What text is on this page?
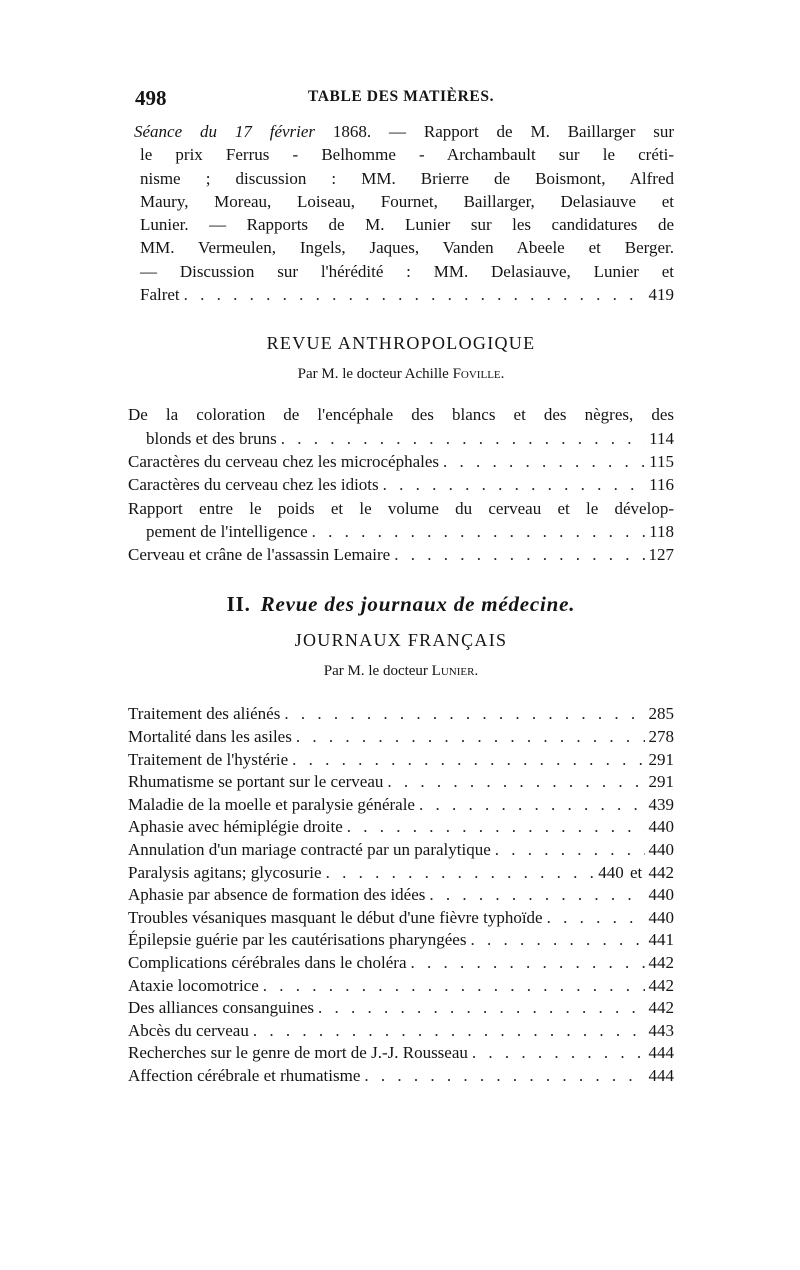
498	TABLE DES MATIÈRES.
Séance du 17 février 1868. — Rapport de M. Baillarger sur
le prix Ferrus - Belhomme - Archambault sur le créti-
nisme ; discussion : MM. Brierre de Boismont, Alfred
Maury, Moreau, Loiseau, Fournet, Baillarger, Delasiauve et
Lunier. — Rapports de M. Lunier sur les candidatures de
MM. Vermeulen, Ingels, Jaques, Vanden Abeele et Berger.
— Discussion sur l'hérédité : MM. Delasiauve, Lunier et
Falret . . .	419
REVUE ANTHROPOLOGIQUE
Par M. le docteur Achille Foville.
De la coloration de l'encéphale des blancs et des nègres, des
blonds et des bruns . . .	114
Caractères du cerveau chez les microcéphales . . .	115
Caractères du cerveau chez les idiots . . .	116
Rapport entre le poids et le volume du cerveau et le dévelop-
pement de l'intelligence . . .	118
Cerveau et crâne de l'assassin Lemaire . . .	127
II. Revue des journaux de médecine.
JOURNAUX FRANÇAIS
Par M. le docteur Lunier.
Traitement des aliénés . . .	285
Mortalité dans les asiles . . .	278
Traitement de l'hystérie . . .	291
Rhumatisme se portant sur le cerveau . . .	291
Maladie de la moelle et paralysie générale . . .	439
Aphasie avec hémiplégie droite . . .	440
Annulation d'un mariage contracté par un paralytique . . .	440
Paralysis agitans; glycosurie . . .	440 et 442
Aphasie par absence de formation des idées . . .	440
Troubles vésaniques masquant le début d'une fièvre typhoïde . . .	440
Épilepsie guérie par les cautérisations pharyngées . . .	441
Complications cérébrales dans le choléra . . .	442
Ataxie locomotrice . . .	442
Des alliances consanguines . . .	442
Abcès du cerveau . . .	443
Recherches sur le genre de mort de J.-J. Rousseau . . .	444
Affection cérébrale et rhumatisme . . .	444
